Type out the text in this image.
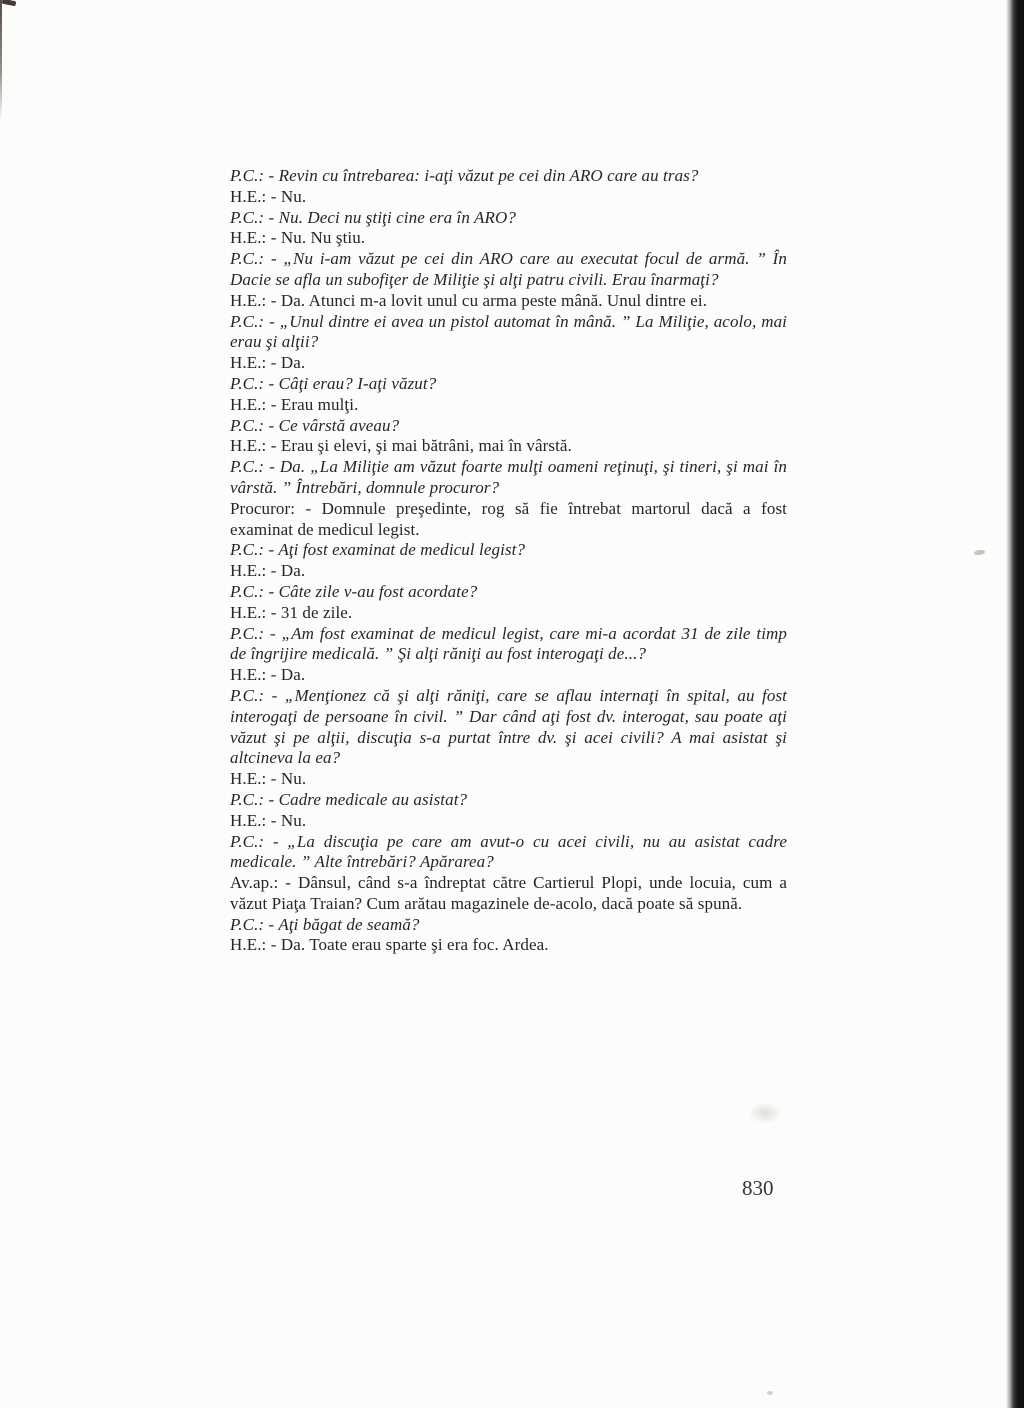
P.C.: - Revin cu întrebarea: i-aţi văzut pe cei din ARO care au tras?

H.E.: - Nu.

P.C.: - Nu. Deci nu ştiţi cine era în ARO?

H.E.: - Nu. Nu ştiu.

P.C.: - „Nu i-am văzut pe cei din ARO care au executat focul de armă. ” În Dacie se afla un subofiţer de Miliţie şi alţi patru civili. Erau înarmaţi?

H.E.: - Da. Atunci m-a lovit unul cu arma peste mână. Unul dintre ei.

P.C.: - „Unul dintre ei avea un pistol automat în mână. ” La Miliţie, acolo, mai erau şi alţii?

H.E.: - Da.

P.C.: - Câţi erau? I-aţi văzut?

H.E.: - Erau mulţi.

P.C.: - Ce vârstă aveau?

H.E.: - Erau şi elevi, şi mai bătrâni, mai în vârstă.

P.C.: - Da. „La Miliţie am văzut foarte mulţi oameni reţinuţi, şi tineri, şi mai în vârstă. ” Întrebări, domnule procuror?

Procuror: - Domnule preşedinte, rog să fie întrebat martorul dacă a fost examinat de medicul legist.

P.C.: - Aţi fost examinat de medicul legist?

H.E.: - Da.

P.C.: - Câte zile v-au fost acordate?

H.E.: - 31 de zile.

P.C.: - „Am fost examinat de medicul legist, care mi-a acordat 31 de zile timp de îngrijire medicală. ” Şi alţi răniţi au fost interogaţi de...?

H.E.: - Da.

P.C.: - „Menţionez că şi alţi răniţi, care se aflau internaţi în spital, au fost interogaţi de persoane în civil. ” Dar când aţi fost dv. interogat, sau poate aţi văzut şi pe alţii, discuţia s-a purtat între dv. şi acei civili? A mai asistat şi altcineva la ea?

H.E.: - Nu.

P.C.: - Cadre medicale au asistat?

H.E.: - Nu.

P.C.: - „La discuţia pe care am avut-o cu acei civili, nu au asistat cadre medicale. ” Alte întrebări? Apărarea?

Av.ap.: - Dânsul, când s-a îndreptat către Cartierul Plopi, unde locuia, cum a văzut Piaţa Traian? Cum arătau magazinele de-acolo, dacă poate să spună.

P.C.: - Aţi băgat de seamă?

H.E.: - Da. Toate erau sparte şi era foc. Ardea.

830
